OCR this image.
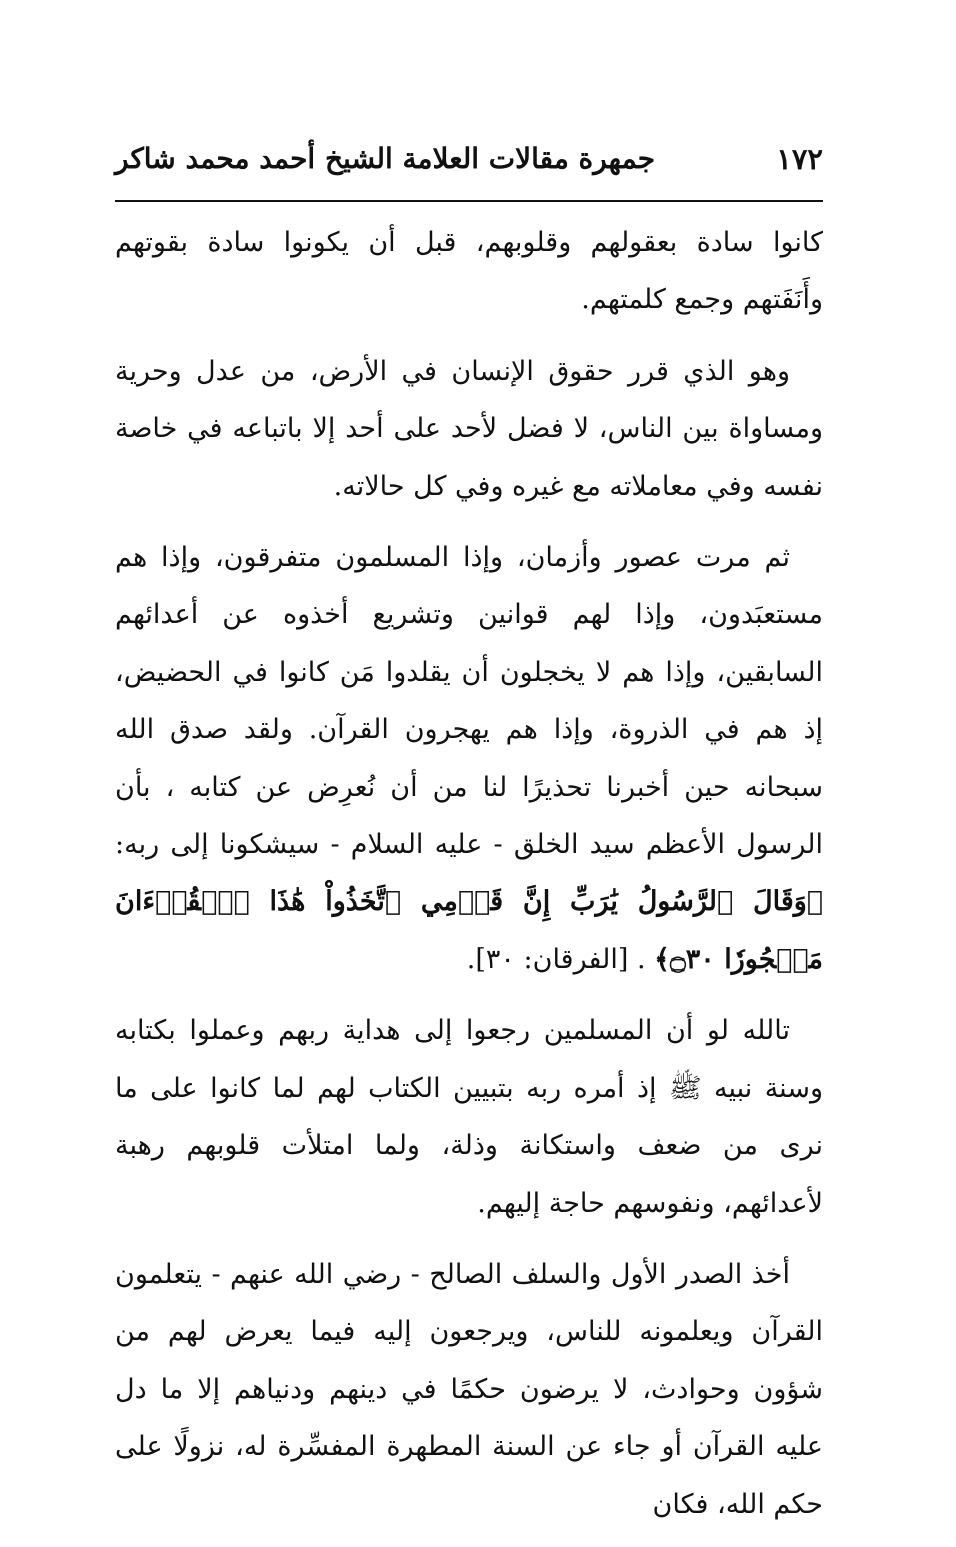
١٧٢
جمهرة مقالات العلامة الشيخ أحمد محمد شاكر

كانوا سادة بعقولهم وقلوبهم، قبل أن يكونوا سادة بقوتهم وأَنَفَتهم وجمع كلمتهم.

وهو الذي قرر حقوق الإنسان في الأرض، من عدل وحرية ومساواة بين الناس، لا فضل لأحد على أحد إلا باتباعه في خاصة نفسه وفي معاملاته مع غيره وفي كل حالاته.

ثم مرت عصور وأزمان، وإذا المسلمون متفرقون، وإذا هم مستعبَدون، وإذا لهم قوانين وتشريع أخذوه عن أعدائهم السابقين، وإذا هم لا يخجلون أن يقلدوا مَن كانوا في الحضيض، إذ هم في الذروة، وإذا هم يهجرون القرآن. ولقد صدق الله سبحانه حين أخبرنا تحذيرًا لنا من أن نُعرِض عن كتابه ، بأن الرسول الأعظم سيد الخلق - عليه السلام - سيشكونا إلى ربه: ﴿وَقَالَ ٱلرَّسُولُ يَٰرَبِّ إِنَّ قَوۡمِي ٱتَّخَذُواْ هَٰذَا ٱلۡقُرۡءَانَ مَهۡجُورٗا ۝٣٠﴾ . [الفرقان: ٣٠].

تالله لو أن المسلمين رجعوا إلى هداية ربهم وعملوا بكتابه وسنة نبيه ﷺ إذ أمره ربه بتبيين الكتاب لهم لما كانوا على ما نرى من ضعف واستكانة وذلة، ولما امتلأت قلوبهم رهبة لأعدائهم، ونفوسهم حاجة إليهم.

أخذ الصدر الأول والسلف الصالح - رضي الله عنهم - يتعلمون القرآن ويعلمونه للناس، ويرجعون إليه فيما يعرض لهم من شؤون وحوادث، لا يرضون حكمًا في دينهم ودنياهم إلا ما دل عليه القرآن أو جاء عن السنة المطهرة المفسِّرة له، نزولًا على حكم الله، فكان
